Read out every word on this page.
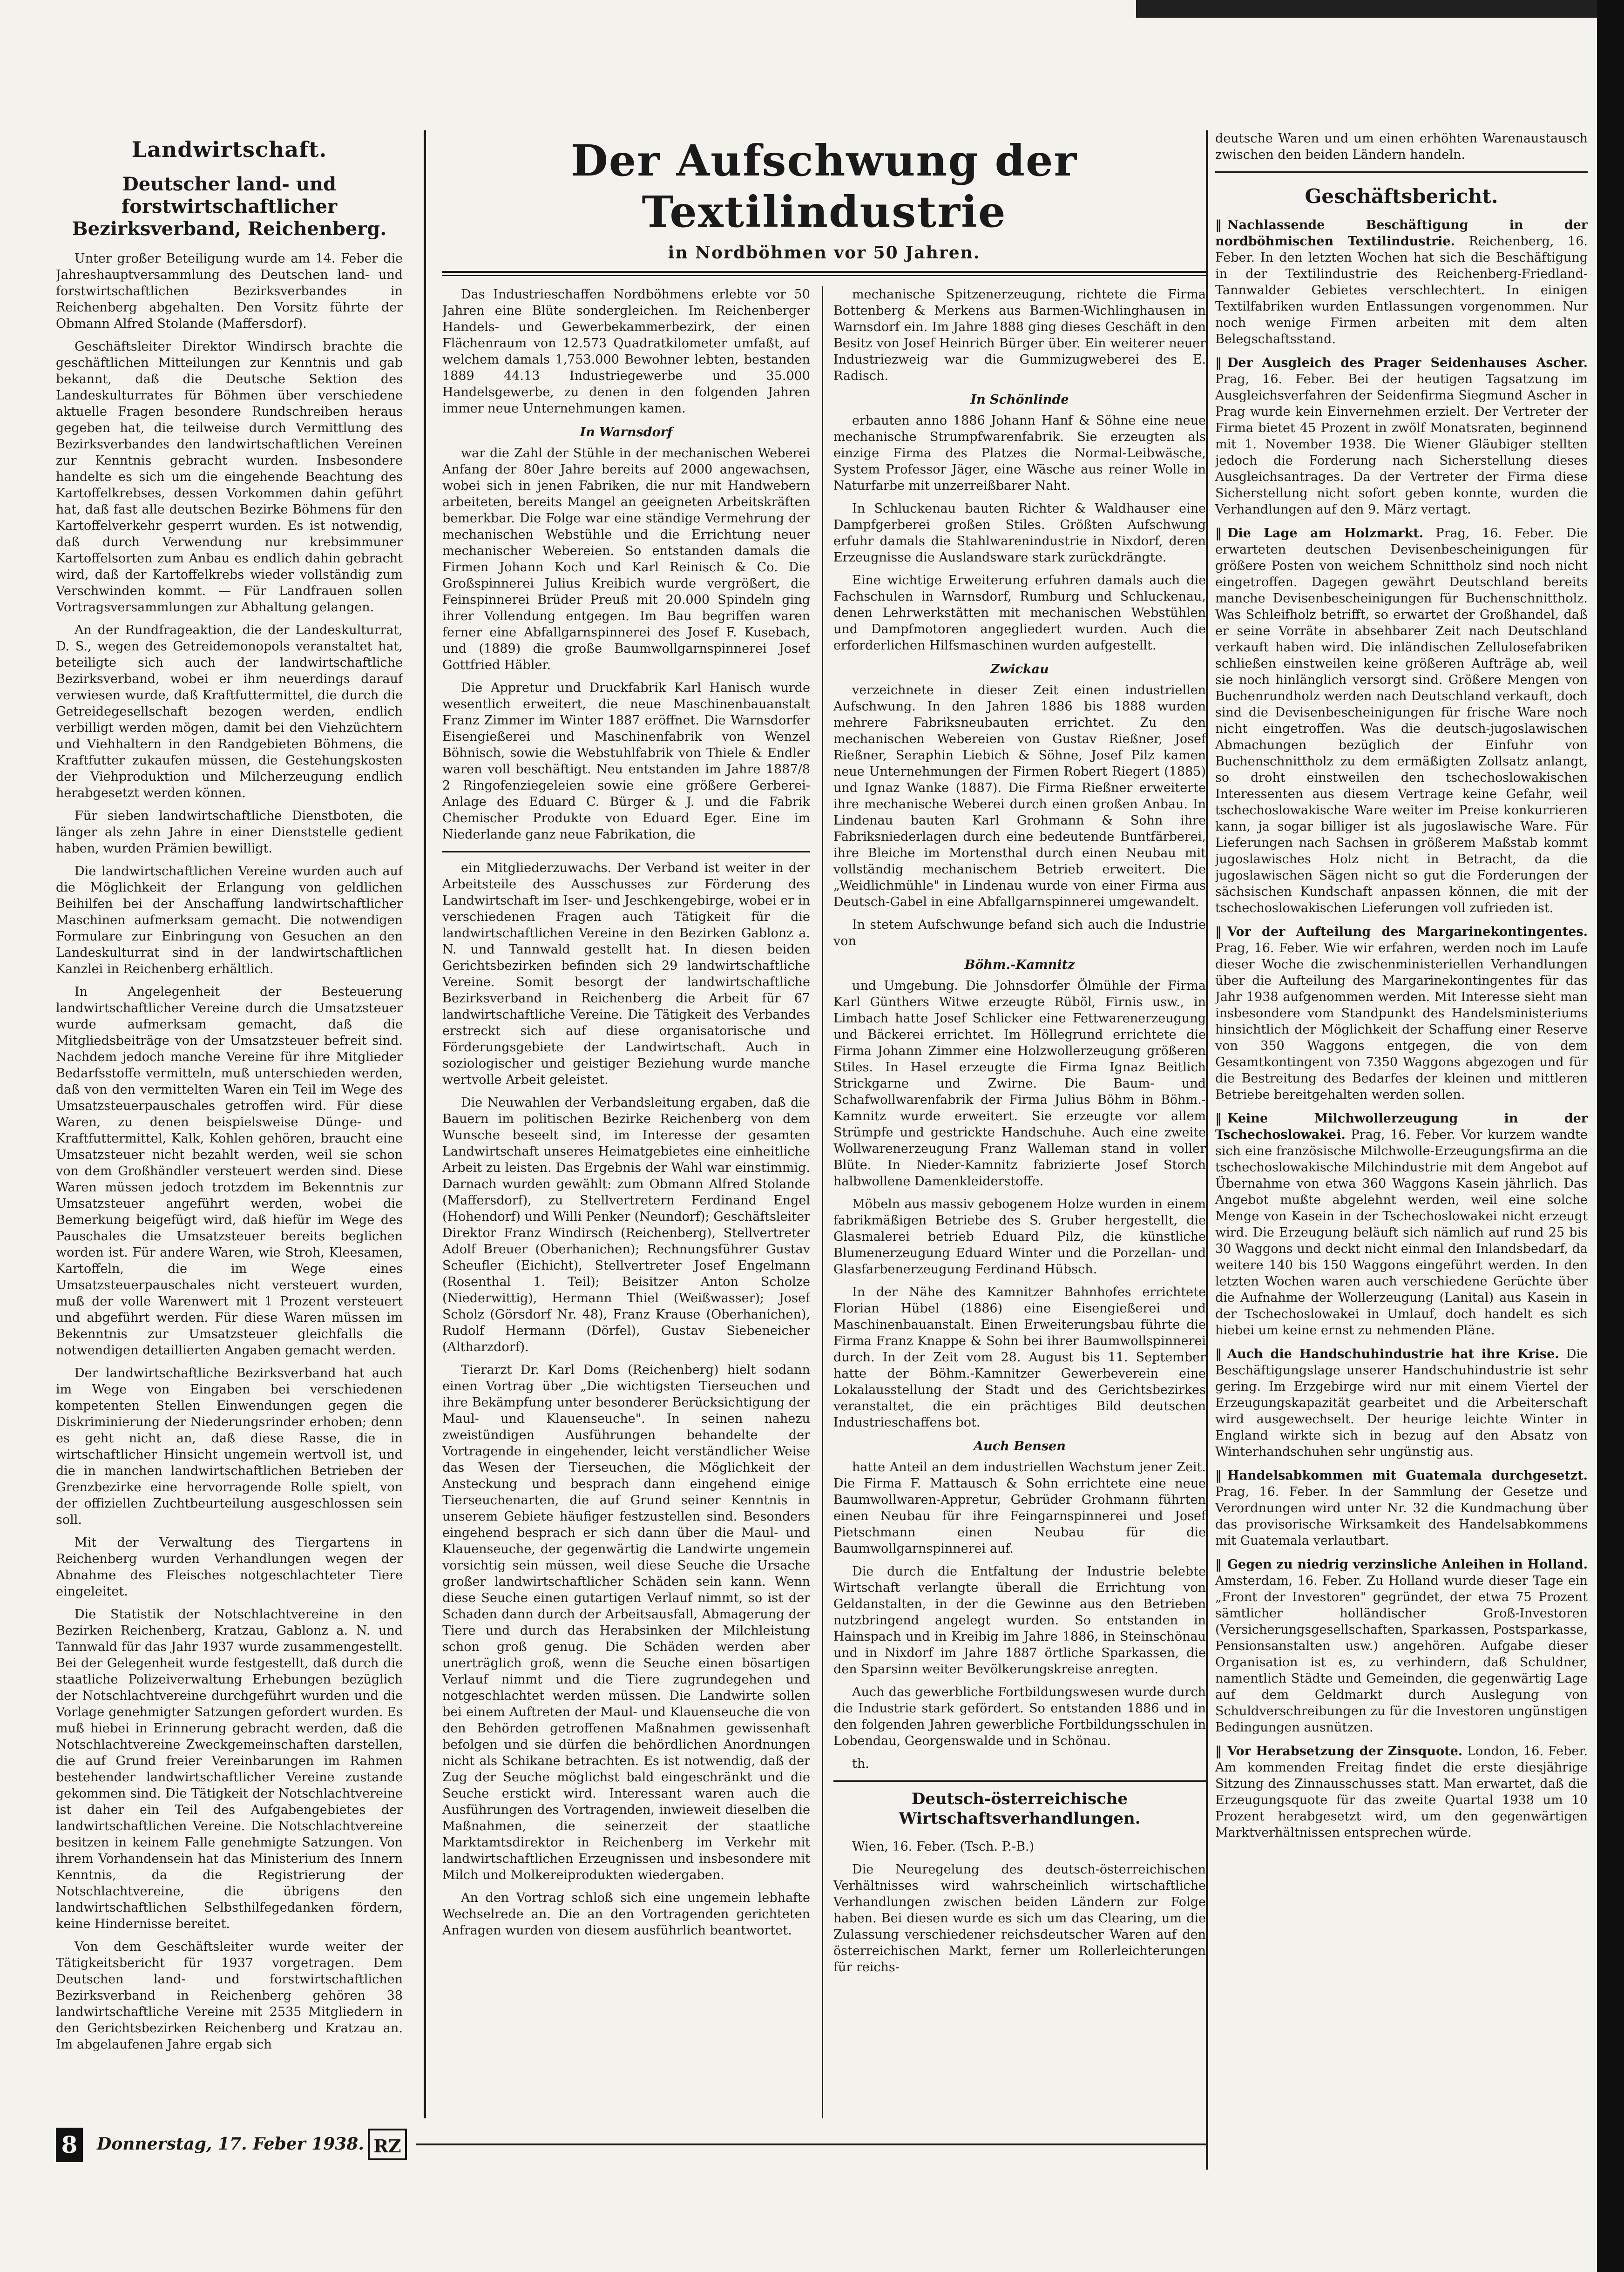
Landwirtschaft.
Deutscher land- und forstwirtschaftlicher Bezirksverband, Reichenberg.

Unter großer Beteiligung wurde am 14. Feber die Jahreshauptversammlung des Deutschen land- und forstwirtschaftlichen Bezirksverbandes in Reichenberg abgehalten. Den Vorsitz führte der Obmann Alfred Stolande (Maffersdorf).

Geschäftsleiter Direktor Windirsch brachte die geschäftlichen Mitteilungen zur Kenntnis und gab bekannt, daß die Deutsche Sektion des Landeskulturrates für Böhmen über verschiedene aktuelle Fragen besondere Rundschreiben heraus gegeben hat, die teilweise durch Vermittlung des Bezirksverbandes den landwirtschaftlichen Vereinen zur Kenntnis gebracht wurden. Insbesondere handelte es sich um die eingehende Beachtung des Kartoffelkrebses, dessen Vorkommen dahin geführt hat, daß fast alle deutschen Bezirke Böhmens für den Kartoffelverkehr gesperrt wurden. Es ist notwendig, daß durch Verwendung nur krebsimmuner Kartoffelsorten zum Anbau es endlich dahin gebracht wird, daß der Kartoffelkrebs wieder vollständig zum Verschwinden kommt. — Für Landfrauen sollen Vortragsversammlungen zur Abhaltung gelangen.

An der Rundfrageaktion, die der Landeskulturrat, D. S., wegen des Getreidemonopols veranstaltet hat, beteiligte sich auch der landwirtschaftliche Bezirksverband, wobei er ihm neuerdings darauf verwiesen wurde, daß Kraftfuttermittel, die durch die Getreidegesellschaft bezogen werden, endlich verbilligt werden mögen, damit bei den Viehzüchtern und Viehhaltern in den Randgebieten Böhmens, die Kraftfutter zukaufen müssen, die Gestehungskosten der Viehproduktion und Milcherzeugung endlich herabgesetzt werden können.

Für sieben landwirtschaftliche Dienstboten, die länger als zehn Jahre in einer Dienststelle gedient haben, wurden Prämien bewilligt.

Die landwirtschaftlichen Vereine wurden auch auf die Möglichkeit der Erlangung von geldlichen Beihilfen bei der Anschaffung landwirtschaftlicher Maschinen aufmerksam gemacht. Die notwendigen Formulare zur Einbringung von Gesuchen an den Landeskulturrat sind in der landwirtschaftlichen Kanzlei in Reichenberg erhältlich.

In Angelegenheit der Besteuerung landwirtschaftlicher Vereine durch die Umsatzsteuer wurde aufmerksam gemacht, daß die Mitgliedsbeiträge von der Umsatzsteuer befreit sind. Nachdem jedoch manche Vereine für ihre Mitglieder Bedarfsstoffe vermitteln, muß unterschieden werden, daß von den vermittelten Waren ein Teil im Wege des Umsatzsteuerpauschales getroffen wird. Für diese Waren, zu denen beispielsweise Dünge- und Kraftfuttermittel, Kalk, Kohlen gehören, braucht eine Umsatzsteuer nicht bezahlt werden, weil sie schon von dem Großhändler versteuert werden sind. Diese Waren müssen jedoch trotzdem im Bekenntnis zur Umsatzsteuer angeführt werden, wobei die Bemerkung beigefügt wird, daß hiefür im Wege des Pauschales die Umsatzsteuer bereits beglichen worden ist. Für andere Waren, wie Stroh, Kleesamen, Kartoffeln, die im Wege eines Umsatzsteuerpauschales nicht versteuert wurden, muß der volle Warenwert mit 1 Prozent versteuert und abgeführt werden. Für diese Waren müssen im Bekenntnis zur Umsatzsteuer gleichfalls die notwendigen detaillierten Angaben gemacht werden.

Der landwirtschaftliche Bezirksverband hat auch im Wege von Eingaben bei verschiedenen kompetenten Stellen Einwendungen gegen die Diskriminierung der Niederungsrinder erhoben; denn es geht nicht an, daß diese Rasse, die in wirtschaftlicher Hinsicht ungemein wertvoll ist, und die in manchen landwirtschaftlichen Betrieben der Grenzbezirke eine hervorragende Rolle spielt, von der offiziellen Zuchtbeurteilung ausgeschlossen sein soll.

Mit der Verwaltung des Tiergartens in Reichenberg wurden Verhandlungen wegen der Abnahme des Fleisches notgeschlachteter Tiere eingeleitet.

Die Statistik der Notschlachtvereine in den Bezirken Reichenberg, Kratzau, Gablonz a. N. und Tannwald für das Jahr 1937 wurde zusammengestellt. Bei der Gelegenheit wurde festgestellt, daß durch die staatliche Polizeiverwaltung Erhebungen bezüglich der Notschlachtvereine durchgeführt wurden und die Vorlage genehmigter Satzungen gefordert wurden. Es muß hiebei in Erinnerung gebracht werden, daß die Notschlachtvereine Zweckgemeinschaften darstellen, die auf Grund freier Vereinbarungen im Rahmen bestehender landwirtschaftlicher Vereine zustande gekommen sind. Die Tätigkeit der Notschlachtvereine ist daher ein Teil des Aufgabengebietes der landwirtschaftlichen Vereine. Die Notschlachtvereine besitzen in keinem Falle genehmigte Satzungen. Von ihrem Vorhandensein hat das Ministerium des Innern Kenntnis, da die Registrierung der Notschlachtvereine, die übrigens den landwirtschaftlichen Selbsthilfegedanken fördern, keine Hindernisse bereitet.

Von dem Geschäftsleiter wurde weiter der Tätigkeitsbericht für 1937 vorgetragen. Dem Deutschen land- und forstwirtschaftlichen Bezirksverband in Reichenberg gehören 38 landwirtschaftliche Vereine mit 2535 Mitgliedern in den Gerichtsbezirken Reichenberg und Kratzau an. Im abgelaufenen Jahre ergab sich

Der Aufschwung der Textilindustrie
in Nordböhmen vor 50 Jahren.

Das Industrieschaffen Nordböhmens erlebte vor 50 Jahren eine Blüte sondergleichen. Im Reichenberger Handels- und Gewerbekammerbezirk, der einen Flächenraum von 12.573 Quadratkilometer umfaßt, auf welchem damals 1,753.000 Bewohner lebten, bestanden 1889 44.13 Industriegewerbe und 35.000 Handelsgewerbe, zu denen in den folgenden Jahren immer neue Unternehmungen kamen.

In Warnsdorf

war die Zahl der Stühle in der mechanischen Weberei Anfang der 80er Jahre bereits auf 2000 angewachsen, wobei sich in jenen Fabriken, die nur mit Handwebern arbeiteten, bereits Mangel an geeigneten Arbeitskräften bemerkbar. Die Folge war eine ständige Vermehrung der mechanischen Webstühle und die Errichtung neuer mechanischer Webereien. So entstanden damals die Firmen Johann Koch und Karl Reinisch & Co. Die Großspinnerei Julius Kreibich wurde vergrößert, die Feinspinnerei Brüder Preuß mit 20.000 Spindeln ging ihrer Vollendung entgegen. Im Bau begriffen waren ferner eine Abfallgarnspinnerei des Josef F. Kusebach, und (1889) die große Baumwollgarnspinnerei Josef Gottfried Häbler.

Die Appretur und Druckfabrik Karl Hanisch wurde wesentlich erweitert, die neue Maschinenbauanstalt Franz Zimmer im Winter 1887 eröffnet. Die Warnsdorfer Eisengießerei und Maschinenfabrik von Wenzel Böhnisch, sowie die Webstuhlfabrik von Thiele & Endler waren voll beschäftigt. Neu entstanden im Jahre 1887/8 2 Ringofenziegeleien sowie eine größere Gerberei-Anlage des Eduard C. Bürger & J. und die Fabrik Chemischer Produkte von Eduard Eger. Eine im Niederlande ganz neue Fabrikation, die

ein Mitgliederzuwachs. Der Verband ist weiter in der Arbeitsteile des Ausschusses zur Förderung des Landwirtschaft im Iser- und Jeschkengebirge, wobei er in verschiedenen Fragen auch Tätigkeit für die landwirtschaftlichen Vereine in den Bezirken Gablonz a. N. und Tannwald gestellt hat. In diesen beiden Gerichtsbezirken befinden sich 29 landwirtschaftliche Vereine. Somit besorgt der landwirtschaftliche Bezirksverband in Reichenberg die Arbeit für 67 landwirtschaftliche Vereine. Die Tätigkeit des Verbandes erstreckt sich auf diese organisatorische und Förderungsgebiete der Landwirtschaft. Auch in soziologischer und geistiger Beziehung wurde manche wertvolle Arbeit geleistet.

Die Neuwahlen der Verbandsleitung ergaben, daß die Bauern im politischen Bezirke Reichenberg von dem Wunsche beseelt sind, im Interesse der gesamten Landwirtschaft unseres Heimatgebietes eine einheitliche Arbeit zu leisten. Das Ergebnis der Wahl war einstimmig. Darnach wurden gewählt: zum Obmann Alfred Stolande (Maffersdorf), zu Stellvertretern Ferdinand Engel (Hohendorf) und Willi Penker (Neundorf); Geschäftsleiter Direktor Franz Windirsch (Reichenberg), Stellvertreter Adolf Breuer (Oberhanichen); Rechnungsführer Gustav Scheufler (Eichicht), Stellvertreter Josef Engelmann (Rosenthal 1. Teil); Beisitzer Anton Scholze (Niederwittig), Hermann Thiel (Weißwasser); Josef Scholz (Görsdorf Nr. 48), Franz Krause (Oberhanichen), Rudolf Hermann (Dörfel), Gustav Siebeneicher (Altharzdorf).

Tierarzt Dr. Karl Doms (Reichenberg) hielt sodann einen Vortrag über „Die wichtigsten Tierseuchen und ihre Bekämpfung unter besonderer Berücksichtigung der Maul- und Klauenseuche". In seinen nahezu zweistündigen Ausführungen behandelte der Vortragende in eingehender, leicht verständlicher Weise das Wesen der Tierseuchen, die Möglichkeit der Ansteckung und besprach dann eingehend einige Tierseuchenarten, die auf Grund seiner Kenntnis in unserem Gebiete häufiger festzustellen sind. Besonders eingehend besprach er sich dann über die Maul- und Klauenseuche, der gegenwärtig die Landwirte ungemein vorsichtig sein müssen, weil diese Seuche die Ursache großer landwirtschaftlicher Schäden sein kann. Wenn diese Seuche einen gutartigen Verlauf nimmt, so ist der Schaden dann durch der Arbeitsausfall, Abmagerung der Tiere und durch das Herabsinken der Milchleistung schon groß genug. Die Schäden werden aber unerträglich groß, wenn die Seuche einen bösartigen Verlauf nimmt und die Tiere zugrundegehen und notgeschlachtet werden müssen. Die Landwirte sollen bei einem Auftreten der Maul- und Klauenseuche die von den Behörden getroffenen Maßnahmen gewissenhaft befolgen und sie dürfen die behördlichen Anordnungen nicht als Schikane betrachten. Es ist notwendig, daß der Zug der Seuche möglichst bald eingeschränkt und die Seuche erstickt wird. Interessant waren auch die Ausführungen des Vortragenden, inwieweit dieselben die Maßnahmen, die seinerzeit der staatliche Marktamtsdirektor in Reichenberg im Verkehr mit landwirtschaftlichen Erzeugnissen und insbesondere mit Milch und Molkereiprodukten wiedergaben.

An den Vortrag schloß sich eine ungemein lebhafte Wechselrede an. Die an den Vortragenden gerichteten Anfragen wurden von diesem ausführlich beantwortet.

mechanische Spitzenerzeugung, richtete die Firma Bottenberg & Merkens aus Barmen-Wichlinghausen in Warnsdorf ein. Im Jahre 1888 ging dieses Geschäft in den Besitz von Josef Heinrich Bürger über. Ein weiterer neuer Industriezweig war die Gummizugweberei des E. Radisch.

In Schönlinde

erbauten anno 1886 Johann Hanf & Söhne eine neue mechanische Strumpfwarenfabrik. Sie erzeugten als einzige Firma des Platzes die Normal-Leibwäsche, System Professor Jäger, eine Wäsche aus reiner Wolle in Naturfarbe mit unzerreißbarer Naht.

In Schluckenau bauten Richter & Waldhauser eine Dampfgerberei großen Stiles. Größten Aufschwung erfuhr damals die Stahlwarenindustrie in Nixdorf, deren Erzeugnisse die Auslandsware stark zurückdrängte.

Eine wichtige Erweiterung erfuhren damals auch die Fachschulen in Warnsdorf, Rumburg und Schluckenau, denen Lehrwerkstätten mit mechanischen Webstühlen und Dampfmotoren angegliedert wurden. Auch die erforderlichen Hilfsmaschinen wurden aufgestellt.

Zwickau

verzeichnete in dieser Zeit einen industriellen Aufschwung. In den Jahren 1886 bis 1888 wurden mehrere Fabriksneubauten errichtet. Zu den mechanischen Webereien von Gustav Rießner, Josef Rießner, Seraphin Liebich & Söhne, Josef Pilz kamen neue Unternehmungen der Firmen Robert Riegert (1885) und Ignaz Wanke (1887). Die Firma Rießner erweiterte ihre mechanische Weberei durch einen großen Anbau. In Lindenau bauten Karl Grohmann & Sohn ihre Fabriksniederlagen durch eine bedeutende Buntfärberei, ihre Bleiche im Mortensthal durch einen Neubau mit vollständig mechanischem Betrieb erweitert. Die „Weidlichmühle" in Lindenau wurde von einer Firma aus Deutsch-Gabel in eine Abfallgarnspinnerei umgewandelt.

In stetem Aufschwunge befand sich auch die Industrie von

Böhm.-Kamnitz

und Umgebung. Die Johnsdorfer Ölmühle der Firma Karl Günthers Witwe erzeugte Rüböl, Firnis usw., in Limbach hatte Josef Schlicker eine Fettwarenerzeugung und Bäckerei errichtet. Im Höllegrund errichtete die Firma Johann Zimmer eine Holzwollerzeugung größeren Stiles. In Hasel erzeugte die Firma Ignaz Beitlich Strickgarne und Zwirne. Die Baum- und Schafwollwarenfabrik der Firma Julius Böhm in Böhm.-Kamnitz wurde erweitert. Sie erzeugte vor allem Strümpfe und gestrickte Handschuhe. Auch eine zweite Wollwarenerzeugung Franz Walleman stand in voller Blüte. In Nieder-Kamnitz fabrizierte Josef Storch halbwollene Damenkleiderstoffe.

Möbeln aus massiv gebogenem Holze wurden in einem fabrikmäßigen Betriebe des S. Gruber hergestellt, die Glasmalerei betrieb Eduard Pilz, die künstliche Blumenerzeugung Eduard Winter und die Porzellan- und Glasfarbenerzeugung Ferdinand Hübsch.

In der Nähe des Kamnitzer Bahnhofes errichtete Florian Hübel (1886) eine Eisengießerei und Maschinenbauanstalt. Einen Erweiterungsbau führte die Firma Franz Knappe & Sohn bei ihrer Baumwollspinnerei durch. In der Zeit vom 28. August bis 11. September hatte der Böhm.-Kamnitzer Gewerbeverein eine Lokalausstellung der Stadt und des Gerichtsbezirkes veranstaltet, die ein prächtiges Bild deutschen Industrieschaffens bot.

Auch Bensen

hatte Anteil an dem industriellen Wachstum jener Zeit. Die Firma F. Mattausch & Sohn errichtete eine neue Baumwollwaren-Appretur, Gebrüder Grohmann führten einen Neubau für ihre Feingarnspinnerei und Josef Pietschmann einen Neubau für die Baumwollgarnspinnerei auf.

Die durch die Entfaltung der Industrie belebte Wirtschaft verlangte überall die Errichtung von Geldanstalten, in der die Gewinne aus den Betrieben nutzbringend angelegt wurden. So entstanden in Hainspach und in Kreibig im Jahre 1886, in Steinschönau und in Nixdorf im Jahre 1887 örtliche Sparkassen, die den Sparsinn weiter Bevölkerungskreise anregten.

Auch das gewerbliche Fortbildungswesen wurde durch die Industrie stark gefördert. So entstanden 1886 und in den folgenden Jahren gewerbliche Fortbildungsschulen in Lobendau, Georgenswalde und in Schönau.

th.

Deutsch-österreichische Wirtschaftsverhandlungen.

Wien, 16. Feber. (Tsch. P.-B.)

Die Neuregelung des deutsch-österreichischen Verhältnisses wird wahrscheinlich wirtschaftliche Verhandlungen zwischen beiden Ländern zur Folge haben. Bei diesen wurde es sich um das Clearing, um die Zulassung verschiedener reichsdeutscher Waren auf den österreichischen Markt, ferner um Rollerleichterungen für reichs-

deutsche Waren und um einen erhöhten Warenaustausch zwischen den beiden Ländern handeln.

Geschäftsbericht.
‖ Nachlassende Beschäftigung in der nordböhmischen Textilindustrie. Reichenberg, 16. Feber. In den letzten Wochen hat sich die Beschäftigung in der Textilindustrie des Reichenberg-Friedland-Tannwalder Gebietes verschlechtert. In einigen Textilfabriken wurden Entlassungen vorgenommen. Nur noch wenige Firmen arbeiten mit dem alten Belegschaftsstand.
‖ Der Ausgleich des Prager Seidenhauses Ascher. Prag, 16. Feber. Bei der heutigen Tagsatzung im Ausgleichsverfahren der Seidenfirma Siegmund Ascher in Prag wurde kein Einvernehmen erzielt. Der Vertreter der Firma bietet 45 Prozent in zwölf Monatsraten, beginnend mit 1. November 1938. Die Wiener Gläubiger stellten jedoch die Forderung nach Sicherstellung dieses Ausgleichsantrages. Da der Vertreter der Firma diese Sicherstellung nicht sofort geben konnte, wurden die Verhandlungen auf den 9. März vertagt.
‖ Die Lage am Holzmarkt. Prag, 16. Feber. Die erwarteten deutschen Devisenbescheinigungen für größere Posten von weichem Schnittholz sind noch nicht eingetroffen. Dagegen gewährt Deutschland bereits manche Devisenbescheinigungen für Buchenschnittholz. Was Schleifholz betrifft, so erwartet der Großhandel, daß er seine Vorräte in absehbarer Zeit nach Deutschland verkauft haben wird. Die inländischen Zellulosefabriken schließen einstweilen keine größeren Aufträge ab, weil sie noch hinlänglich versorgt sind. Größere Mengen von Buchenrundholz werden nach Deutschland verkauft, doch sind die Devisenbescheinigungen für frische Ware noch nicht eingetroffen. Was die deutsch-jugoslawischen Abmachungen bezüglich der Einfuhr von Buchenschnittholz zu dem ermäßigten Zollsatz anlangt, so droht einstweilen den tschechoslowakischen Interessenten aus diesem Vertrage keine Gefahr, weil tschechoslowakische Ware weiter im Preise konkurrieren kann, ja sogar billiger ist als jugoslawische Ware. Für Lieferungen nach Sachsen in größerem Maßstab kommt jugoslawisches Holz nicht in Betracht, da die jugoslawischen Sägen nicht so gut die Forderungen der sächsischen Kundschaft anpassen können, die mit der tschechoslowakischen Lieferungen voll zufrieden ist.
‖ Vor der Aufteilung des Margarinekontingentes. Prag, 16. Feber. Wie wir erfahren, werden noch im Laufe dieser Woche die zwischenministeriellen Verhandlungen über die Aufteilung des Margarinekontingentes für das Jahr 1938 aufgenommen werden. Mit Interesse sieht man insbesondere vom Standpunkt des Handelsministeriums hinsichtlich der Möglichkeit der Schaffung einer Reserve von 350 Waggons entgegen, die von dem Gesamtkontingent von 7350 Waggons abgezogen und für die Bestreitung des Bedarfes der kleinen und mittleren Betriebe bereitgehalten werden sollen.
‖ Keine Milchwollerzeugung in der Tschechoslowakei. Prag, 16. Feber. Vor kurzem wandte sich eine französische Milchwolle-Erzeugungsfirma an die tschechoslowakische Milchindustrie mit dem Angebot auf Übernahme von etwa 360 Waggons Kasein jährlich. Das Angebot mußte abgelehnt werden, weil eine solche Menge von Kasein in der Tschechoslowakei nicht erzeugt wird. Die Erzeugung beläuft sich nämlich auf rund 25 bis 30 Waggons und deckt nicht einmal den Inlandsbedarf, da weitere 140 bis 150 Waggons eingeführt werden. In den letzten Wochen waren auch verschiedene Gerüchte über die Aufnahme der Wollerzeugung (Lanital) aus Kasein in der Tschechoslowakei in Umlauf, doch handelt es sich hiebei um keine ernst zu nehmenden Pläne.
‖ Auch die Handschuhindustrie hat ihre Krise. Die Beschäftigungslage unserer Handschuhindustrie ist sehr gering. Im Erzgebirge wird nur mit einem Viertel der Erzeugungskapazität gearbeitet und die Arbeiterschaft wird ausgewechselt. Der heurige leichte Winter in England wirkte sich in bezug auf den Absatz von Winterhandschuhen sehr ungünstig aus.
‖ Handelsabkommen mit Guatemala durchgesetzt. Prag, 16. Feber. In der Sammlung der Gesetze und Verordnungen wird unter Nr. 32 die Kundmachung über das provisorische Wirksamkeit des Handelsabkommens mit Guatemala verlautbart.
‖ Gegen zu niedrig verzinsliche Anleihen in Holland. Amsterdam, 16. Feber. Zu Holland wurde dieser Tage ein „Front der Investoren" gegründet, der etwa 75 Prozent sämtlicher holländischer Groß-Investoren (Versicherungsgesellschaften, Sparkassen, Postsparkasse, Pensionsanstalten usw.) angehören. Aufgabe dieser Organisation ist es, zu verhindern, daß Schuldner, namentlich Städte und Gemeinden, die gegenwärtig Lage auf dem Geldmarkt durch Auslegung von Schuldverschreibungen zu für die Investoren ungünstigen Bedingungen ausnützen.
‖ Vor Herabsetzung der Zinsquote. London, 16. Feber. Am kommenden Freitag findet die erste diesjährige Sitzung des Zinnausschusses statt. Man erwartet, daß die Erzeugungsquote für das zweite Quartal 1938 um 10 Prozent herabgesetzt wird, um den gegenwärtigen Marktverhältnissen entsprechen würde.
8	Donnerstag, 17. Feber 1938. RZ
